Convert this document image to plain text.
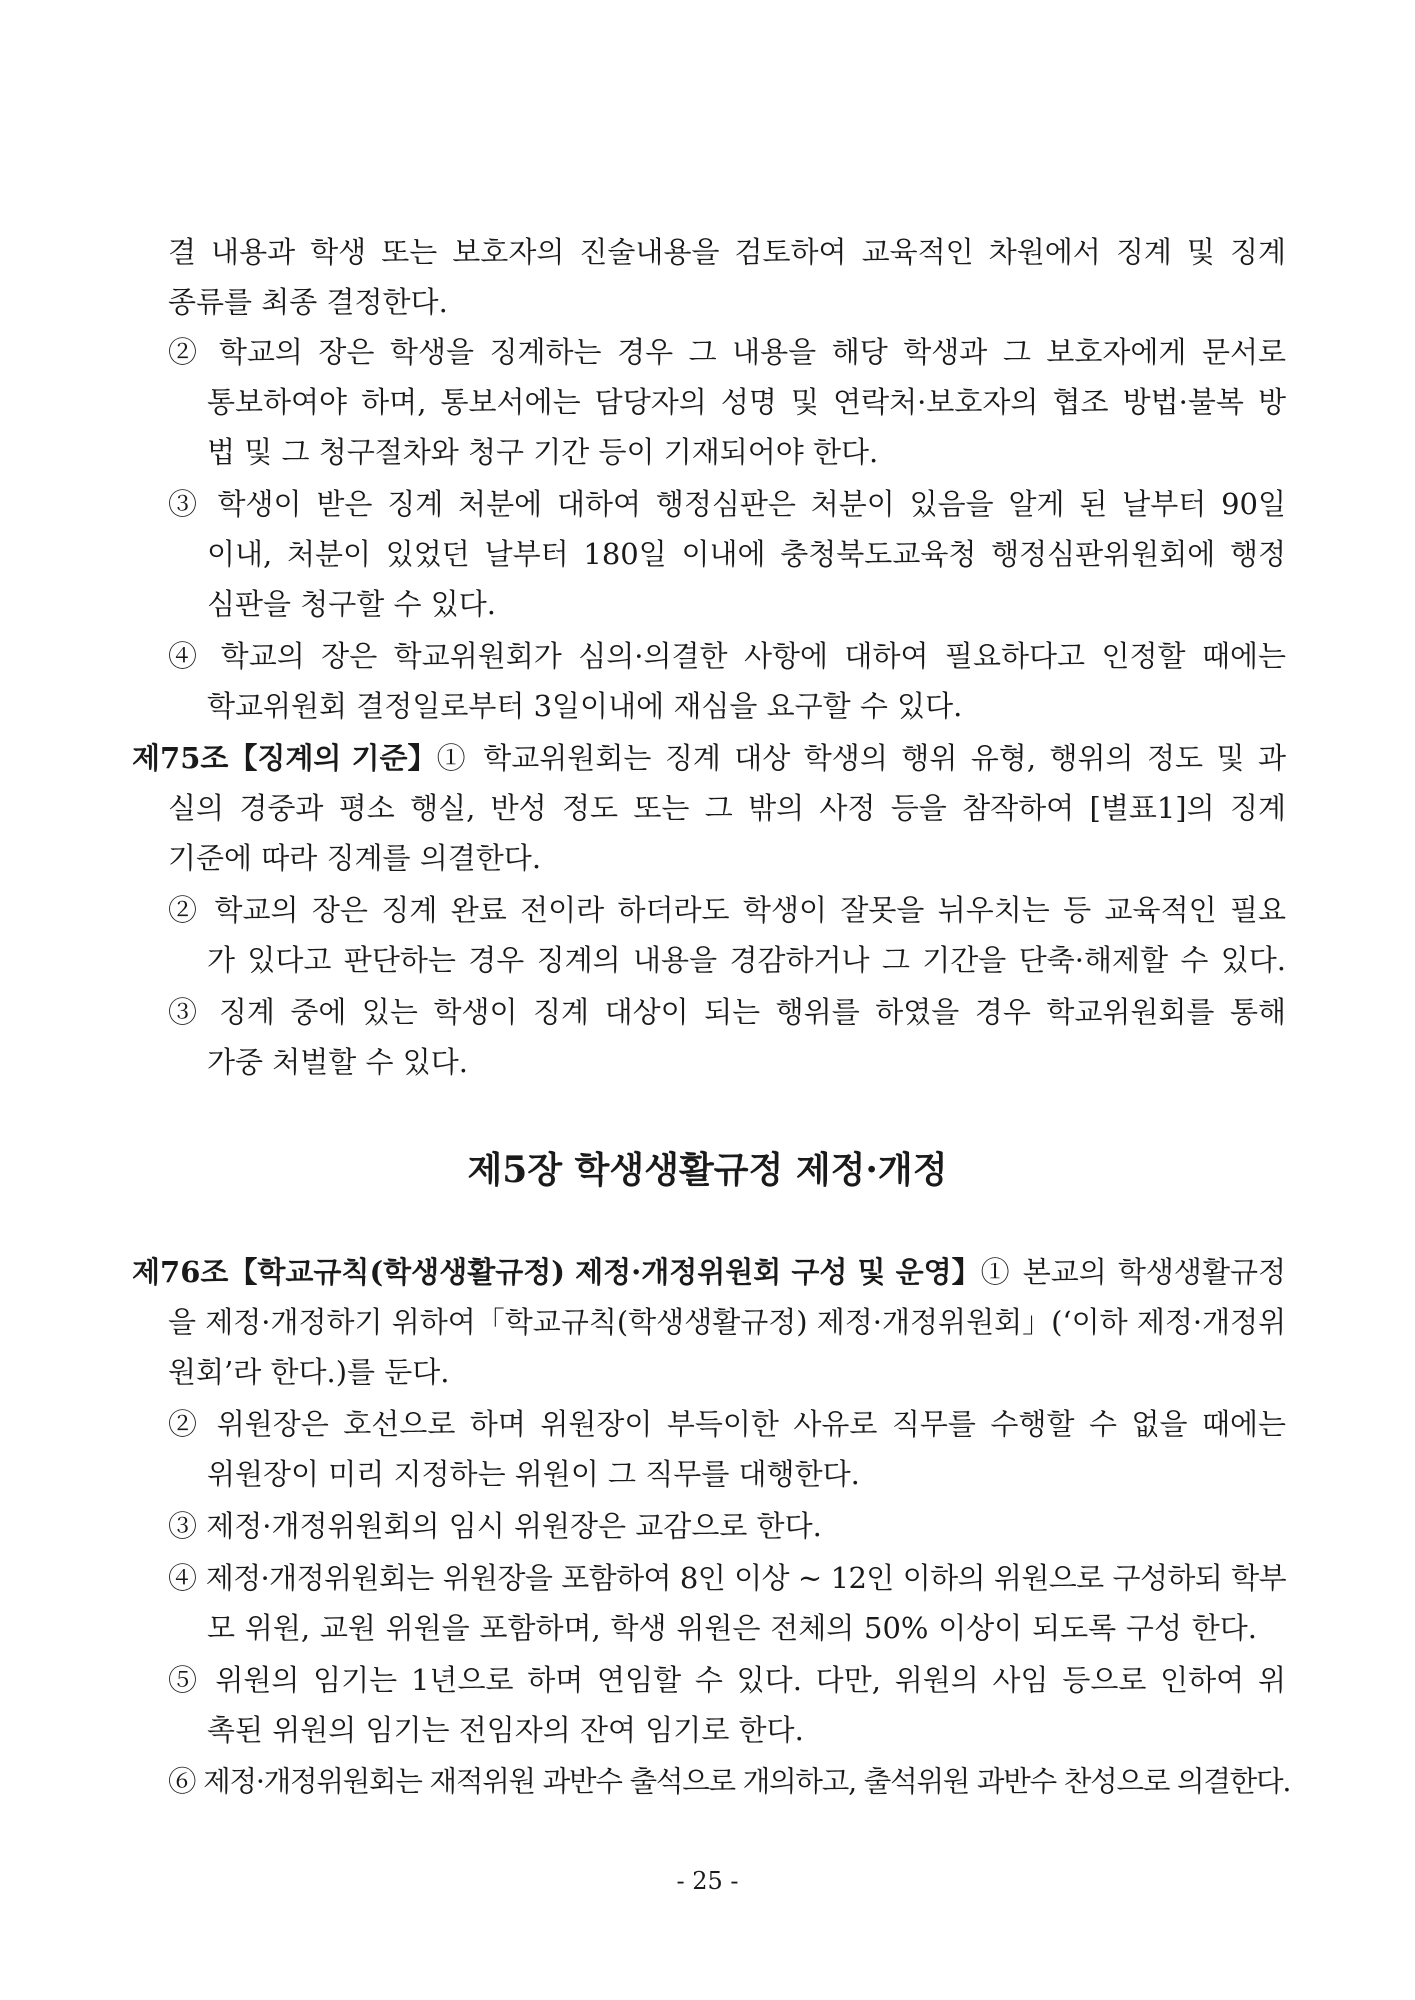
결 내용과 학생 또는 보호자의 진술내용을 검토하여 교육적인 차원에서 징계 및 징계
종류를 최종 결정한다.
② 학교의 장은 학생을 징계하는 경우 그 내용을 해당 학생과 그 보호자에게 문서로
통보하여야 하며, 통보서에는 담당자의 성명 및 연락처·보호자의 협조 방법·불복 방
법 및 그 청구절차와 청구 기간 등이 기재되어야 한다.
③ 학생이 받은 징계 처분에 대하여 행정심판은 처분이 있음을 알게 된 날부터 90일
이내, 처분이 있었던 날부터 180일 이내에 충청북도교육청 행정심판위원회에 행정
심판을 청구할 수 있다.
④ 학교의 장은 학교위원회가 심의·의결한 사항에 대하여 필요하다고 인정할 때에는
학교위원회 결정일로부터 3일이내에 재심을 요구할 수 있다.
제75조【징계의 기준】 ① 학교위원회는 징계 대상 학생의 행위 유형, 행위의 정도 및 과
실의 경중과 평소 행실, 반성 정도 또는 그 밖의 사정 등을 참작하여 [별표1]의 징계
기준에 따라 징계를 의결한다.
② 학교의 장은 징계 완료 전이라 하더라도 학생이 잘못을 뉘우치는 등 교육적인 필요
가 있다고 판단하는 경우 징계의 내용을 경감하거나 그 기간을 단축·해제할 수 있다.
③ 징계 중에 있는 학생이 징계 대상이 되는 행위를 하였을 경우 학교위원회를 통해
가중 처벌할 수 있다.
제5장 학생생활규정 제정·개정
제76조【학교규칙(학생생활규정) 제정·개정위원회 구성 및 운영】 ① 본교의 학생생활규정
을 제정·개정하기 위하여「학교규칙(학생생활규정) 제정·개정위원회」(‘이하 제정·개정위
원회’라 한다.)를 둔다.
② 위원장은 호선으로 하며 위원장이 부득이한 사유로 직무를 수행할 수 없을 때에는
위원장이 미리 지정하는 위원이 그 직무를 대행한다.
③ 제정·개정위원회의 임시 위원장은 교감으로 한다.
④ 제정·개정위원회는 위원장을 포함하여 8인 이상 ~ 12인 이하의 위원으로 구성하되 학부
모 위원, 교원 위원을 포함하며, 학생 위원은 전체의 50% 이상이 되도록 구성 한다.
⑤ 위원의 임기는 1년으로 하며 연임할 수 있다. 다만, 위원의 사임 등으로 인하여 위
촉된 위원의 임기는 전임자의 잔여 임기로 한다.
⑥ 제정·개정위원회는 재적위원 과반수 출석으로 개의하고, 출석위원 과반수 찬성으로 의결한다.
- 25 -
